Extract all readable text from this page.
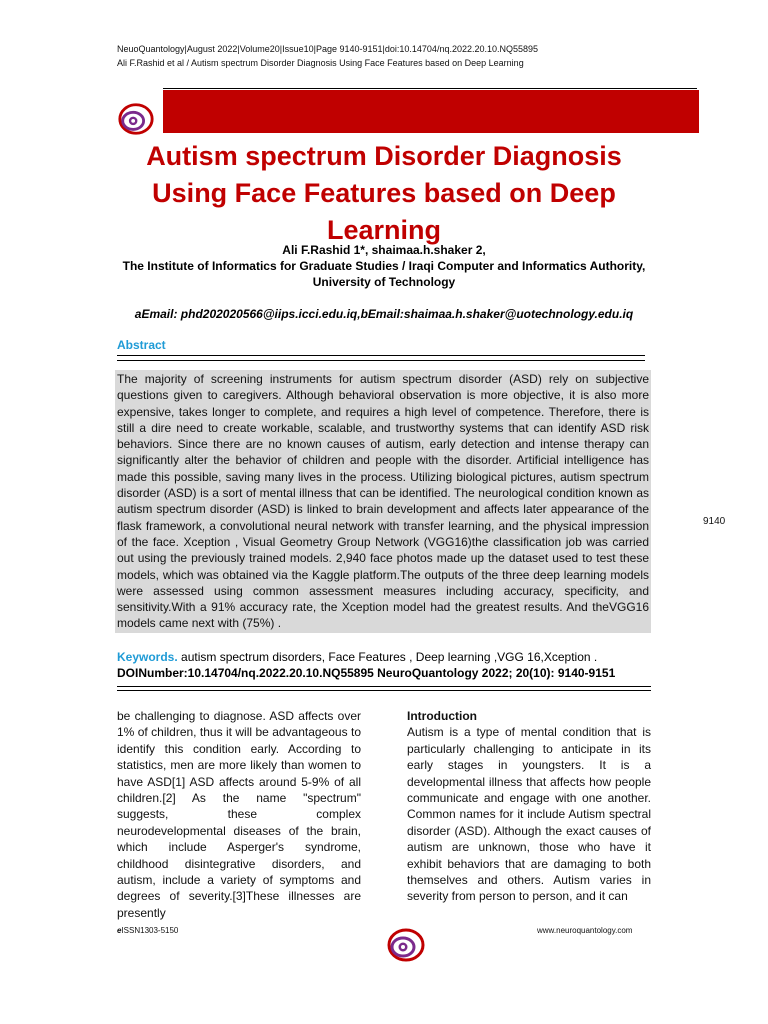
NeuoQuantology|August 2022|Volume20|Issue10|Page 9140-9151|doi:10.14704/nq.2022.20.10.NQ55895
Ali F.Rashid et al / Autism spectrum Disorder Diagnosis Using Face Features based on Deep Learning
Autism spectrum Disorder Diagnosis Using Face Features based on Deep Learning
Ali F.Rashid 1*, shaimaa.h.shaker 2,
The Institute of Informatics for Graduate Studies / Iraqi Computer and Informatics Authority, University of Technology
aEmail: phd202020566@iips.icci.edu.iq,bEmail:shaimaa.h.shaker@uotechnology.edu.iq
Abstract

The majority of screening instruments for autism spectrum disorder (ASD) rely on subjective questions given to caregivers. Although behavioral observation is more objective, it is also more expensive, takes longer to complete, and requires a high level of competence. Therefore, there is still a dire need to create workable, scalable, and trustworthy systems that can identify ASD risk behaviors. Since there are no known causes of autism, early detection and intense therapy can significantly alter the behavior of children and people with the disorder. Artificial intelligence has made this possible, saving many lives in the process. Utilizing biological pictures, autism spectrum disorder (ASD) is a sort of mental illness that can be identified. The neurological condition known as autism spectrum disorder (ASD) is linked to brain development and affects later appearance of the flask framework, a convolutional neural network with transfer learning, and the physical impression of the face. Xception , Visual Geometry Group Network (VGG16)the classification job was carried out using the previously trained models. 2,940 face photos made up the dataset used to test these models, which was obtained via the Kaggle platform.The outputs of the three deep learning models were assessed using common assessment measures including accuracy, specificity, and sensitivity.With a 91% accuracy rate, the Xception model had the greatest results. And theVGG16 models came next with (75%) .

Keywords. autism spectrum disorders, Face Features , Deep learning ,VGG 16,Xception .
DOINumber:10.14704/nq.2022.20.10.NQ55895 NeuroQuantology 2022; 20(10): 9140-9151
9140

be challenging to diagnose. ASD affects over 1% of children, thus it will be advantageous to identify this condition early. According to statistics, men are more likely than women to have ASD[1] ASD affects around 5-9% of all children.[2] As the name "spectrum" suggests, these complex neurodevelopmental diseases of the brain, which include Asperger's syndrome, childhood disintegrative disorders, and autism, include a variety of symptoms and degrees of severity.[3]These illnesses are presently

Introduction

Autism is a type of mental condition that is particularly challenging to anticipate in its early stages in youngsters. It is a developmental illness that affects how people communicate and engage with one another. Common names for it include Autism spectral disorder (ASD). Although the exact causes of autism are unknown, those who have it exhibit behaviors that are damaging to both themselves and others. Autism varies in severity from person to person, and it can

eISSN1303-5150	www.neuroquantology.com
